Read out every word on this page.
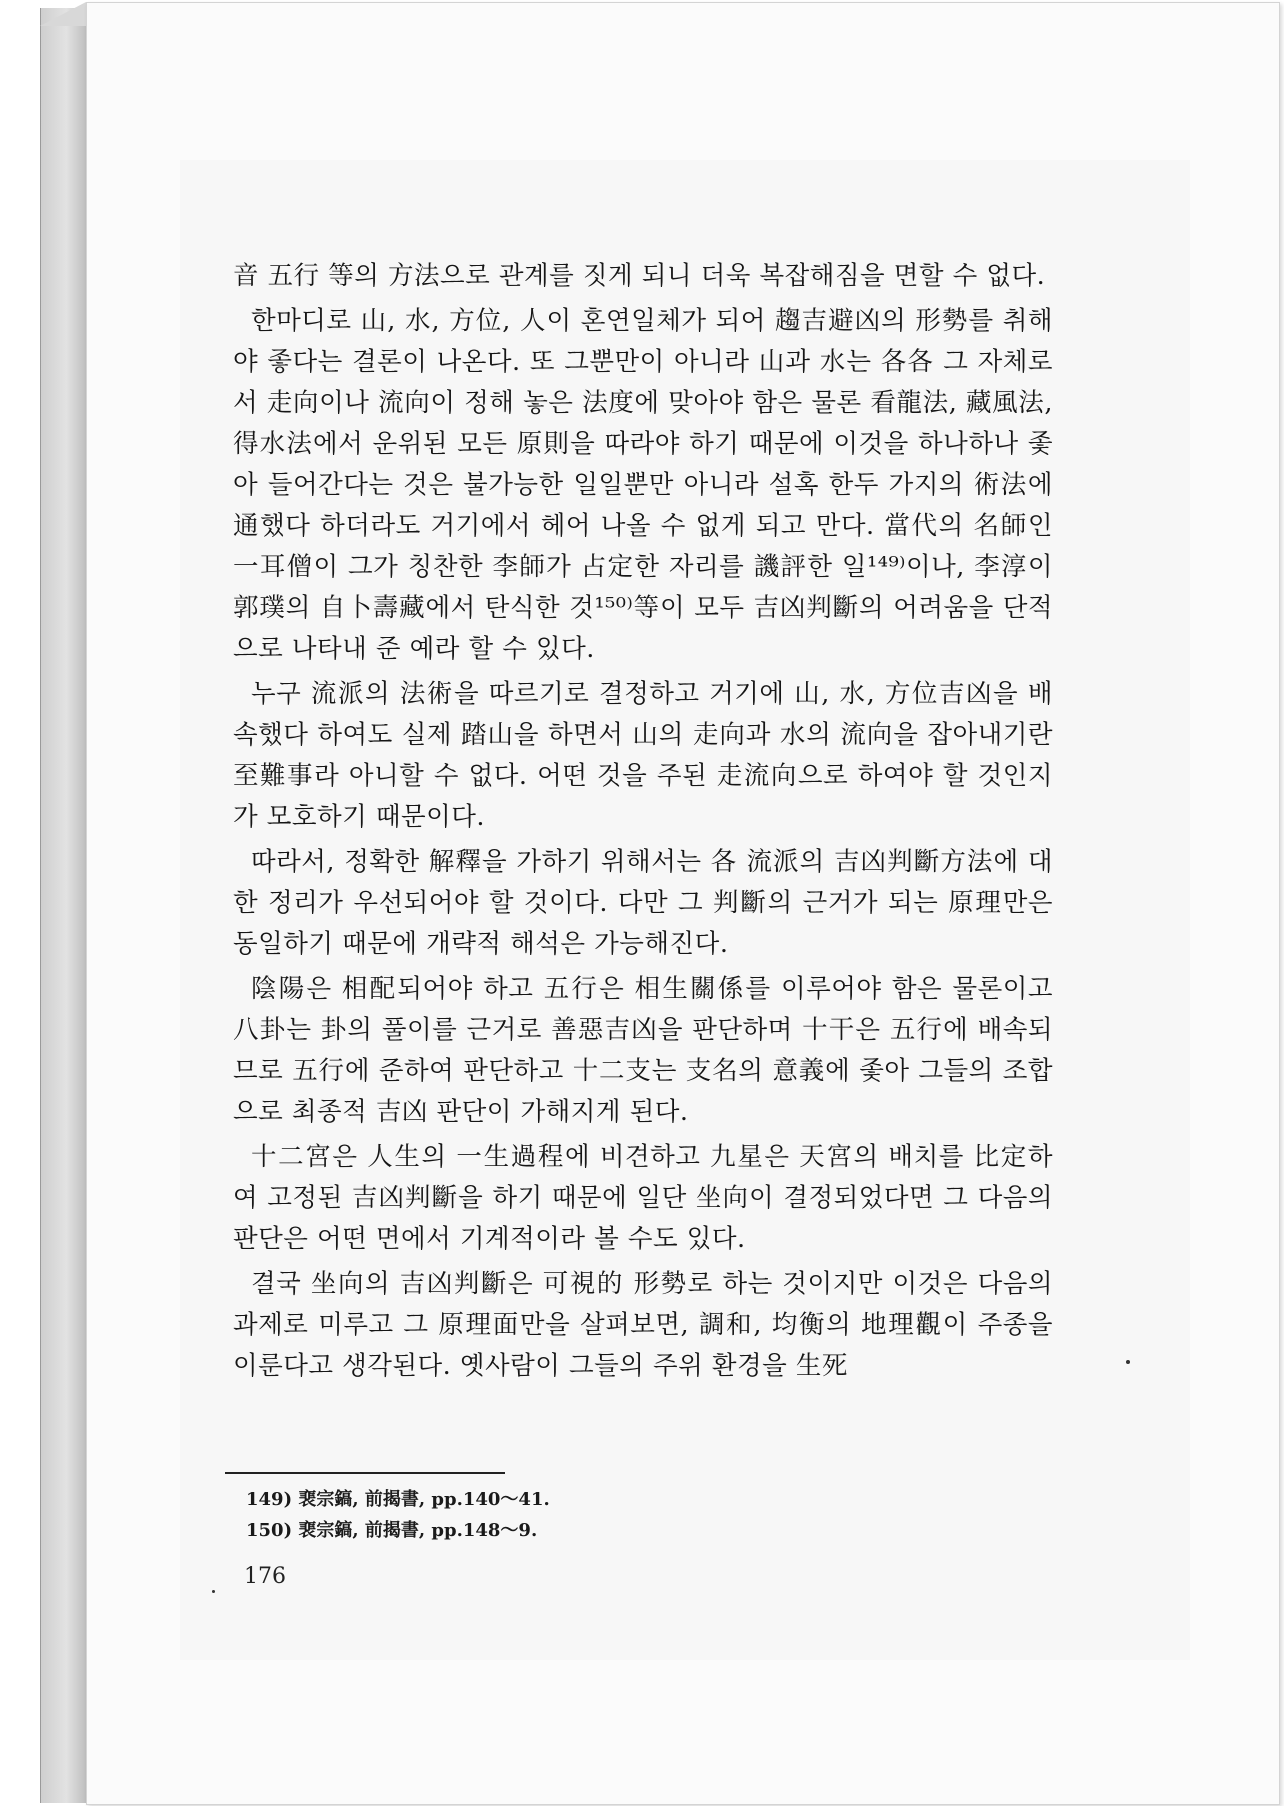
音 五行 等의 方法으로 관계를 짓게 되니 더욱 복잡해짐을 면할 수 없다.

한마디로 山, 水, 方位, 人이 혼연일체가 되어 趨吉避凶의 形勢를 취해야 좋다는 결론이 나온다. 또 그뿐만이 아니라 山과 水는 各各 그 자체로서 走向이나 流向이 정해 놓은 法度에 맞아야 함은 물론 看龍法, 藏風法, 得水法에서 운위된 모든 原則을 따라야 하기 때문에 이것을 하나하나 좇아 들어간다는 것은 불가능한 일일뿐만 아니라 설혹 한두 가지의 術法에 通했다 하더라도 거기에서 헤어 나올 수 없게 되고 만다. 當代의 名師인 一耳僧이 그가 칭찬한 李師가 占定한 자리를 譏評한 일¹⁴⁹⁾이나, 李淳이 郭璞의 自卜壽藏에서 탄식한 것¹⁵⁰⁾等이 모두 吉凶判斷의 어려움을 단적으로 나타내 준 예라 할 수 있다.

누구 流派의 法術을 따르기로 결정하고 거기에 山, 水, 方位吉凶을 배속했다 하여도 실제 踏山을 하면서 山의 走向과 水의 流向을 잡아내기란 至難事라 아니할 수 없다. 어떤 것을 주된 走流向으로 하여야 할 것인지가 모호하기 때문이다.

따라서, 정확한 解釋을 가하기 위해서는 各 流派의 吉凶判斷方法에 대한 정리가 우선되어야 할 것이다. 다만 그 判斷의 근거가 되는 原理만은 동일하기 때문에 개략적 해석은 가능해진다.

陰陽은 相配되어야 하고 五行은 相生關係를 이루어야 함은 물론이고 八卦는 卦의 풀이를 근거로 善惡吉凶을 판단하며 十干은 五行에 배속되므로 五行에 준하여 판단하고 十二支는 支名의 意義에 좇아 그들의 조합으로 최종적 吉凶 판단이 가해지게 된다.

十二宮은 人生의 一生過程에 비견하고 九星은 天宮의 배치를 比定하여 고정된 吉凶判斷을 하기 때문에 일단 坐向이 결정되었다면 그 다음의 판단은 어떤 면에서 기계적이라 볼 수도 있다.

결국 坐向의 吉凶判斷은 可視的 形勢로 하는 것이지만 이것은 다음의 과제로 미루고 그 原理面만을 살펴보면, 調和, 均衡의 地理觀이 주종을 이룬다고 생각된다. 옛사람이 그들의 주위 환경을 生死

149) 裵宗鎬, 前揭書, pp.140～41.
150) 裵宗鎬, 前揭書, pp.148～9.
176
